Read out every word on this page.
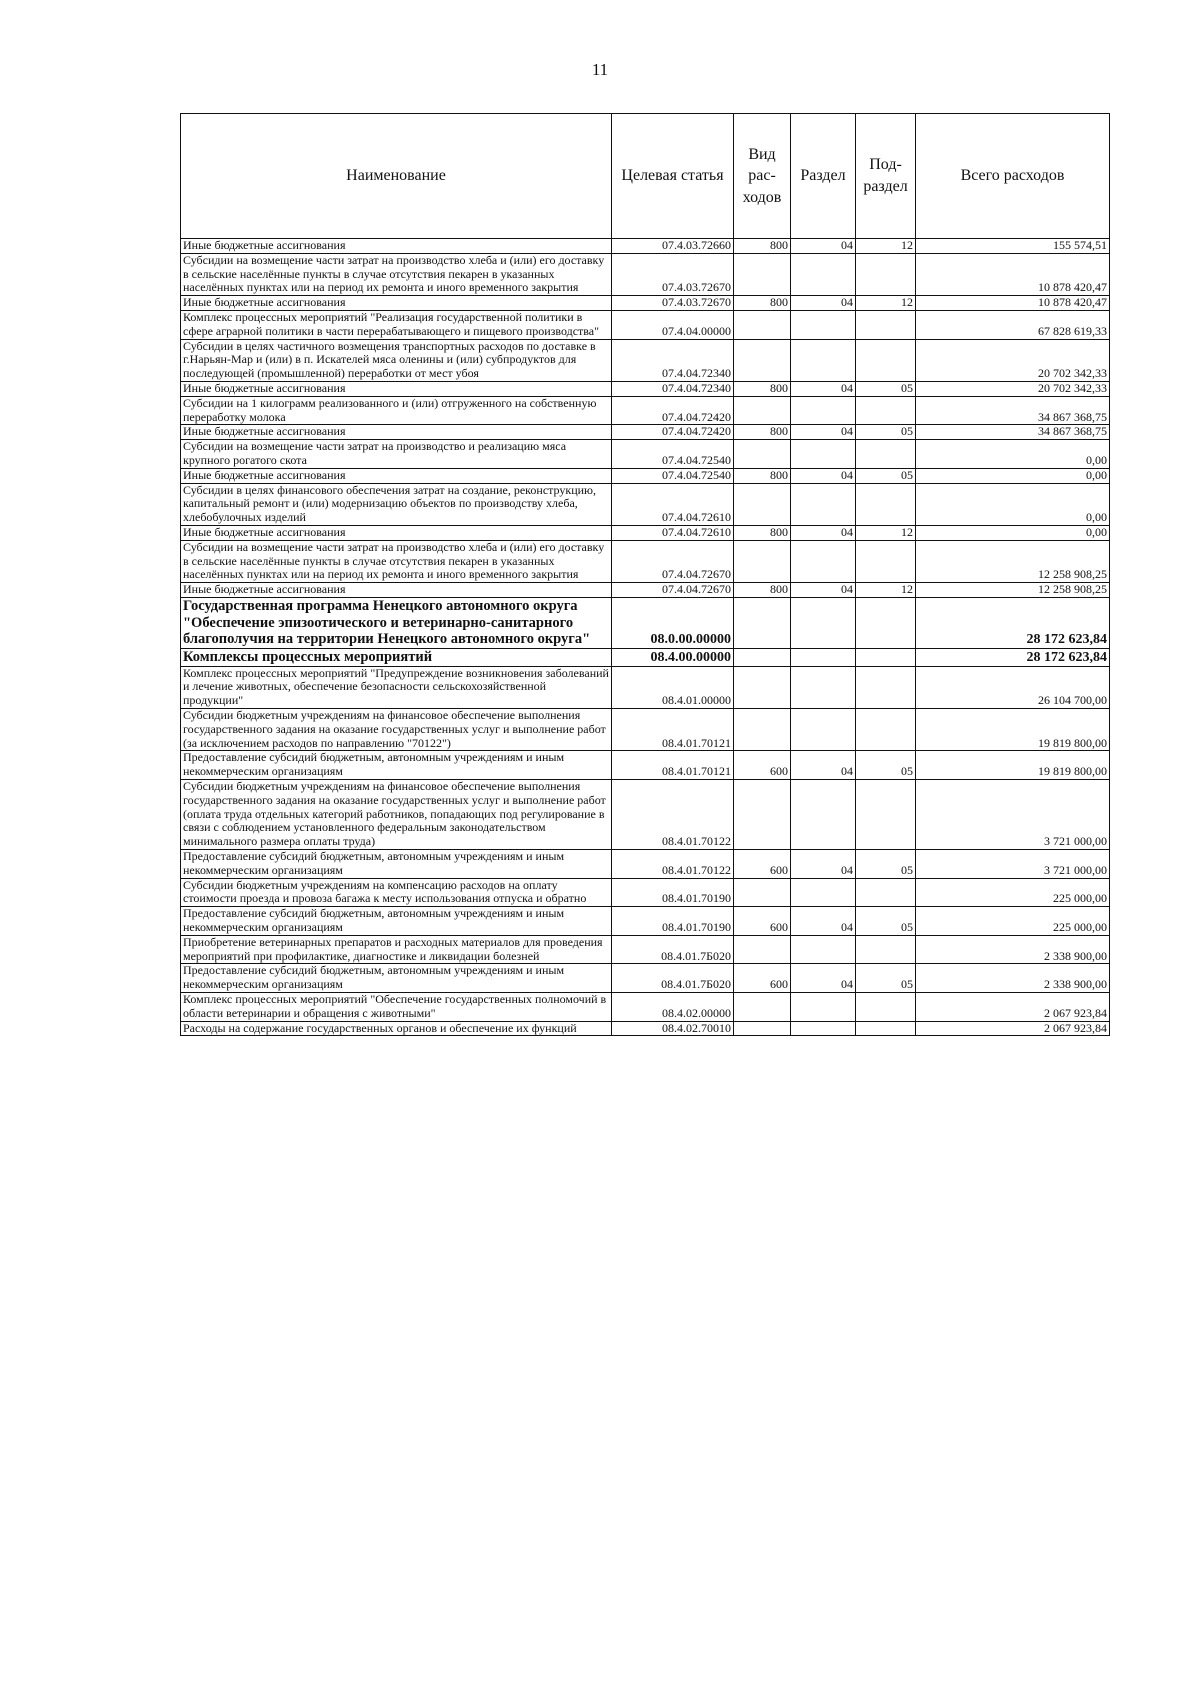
11
Наименование	Целевая статья	Вид рас-ходов	Раздел	Под-раздел	Всего расходов
Иные бюджетные ассигнования	07.4.03.72660	800	04	12	155 574,51
Субсидии на возмещение части затрат на производство хлеба и (или) его доставку в сельские населённые пункты в случае отсутствия пекарен в указанных населённых пунктах или на период их ремонта и иного временного закрытия	07.4.03.72670				10 878 420,47
Иные бюджетные ассигнования	07.4.03.72670	800	04	12	10 878 420,47
Комплекс процессных мероприятий "Реализация государственной политики в сфере аграрной политики в части перерабатывающего и пищевого производства"	07.4.04.00000				67 828 619,33
Субсидии в целях частичного возмещения транспортных расходов по доставке в г.Нарьян-Мар и (или) в п. Искателей мяса оленины и (или) субпродуктов для последующей (промышленной) переработки от мест убоя	07.4.04.72340				20 702 342,33
Иные бюджетные ассигнования	07.4.04.72340	800	04	05	20 702 342,33
Субсидии на 1 килограмм реализованного и (или) отгруженного на собственную переработку молока	07.4.04.72420				34 867 368,75
Иные бюджетные ассигнования	07.4.04.72420	800	04	05	34 867 368,75
Субсидии на возмещение части затрат на производство и реализацию мяса крупного рогатого скота	07.4.04.72540				0,00
Иные бюджетные ассигнования	07.4.04.72540	800	04	05	0,00
Субсидии в целях финансового обеспечения затрат на создание, реконструкцию, капитальный ремонт и (или) модернизацию объектов по производству хлеба, хлебобулочных изделий	07.4.04.72610				0,00
Иные бюджетные ассигнования	07.4.04.72610	800	04	12	0,00
Субсидии на возмещение части затрат на производство хлеба и (или) его доставку в сельские населённые пункты в случае отсутствия пекарен в указанных населённых пунктах или на период их ремонта и иного временного закрытия	07.4.04.72670				12 258 908,25
Иные бюджетные ассигнования	07.4.04.72670	800	04	12	12 258 908,25
Государственная программа Ненецкого автономного округа "Обеспечение эпизоотического и ветеринарно-санитарного благополучия на территории Ненецкого автономного округа"	08.0.00.00000				28 172 623,84
Комплексы процессных мероприятий	08.4.00.00000				28 172 623,84
Комплекс процессных мероприятий "Предупреждение возникновения заболеваний и лечение животных, обеспечение безопасности сельскохозяйственной продукции"	08.4.01.00000				26 104 700,00
Субсидии бюджетным учреждениям на финансовое обеспечение выполнения государственного задания на оказание государственных услуг и выполнение работ (за исключением расходов по направлению "70122")	08.4.01.70121				19 819 800,00
Предоставление субсидий бюджетным, автономным учреждениям и иным некоммерческим организациям	08.4.01.70121	600	04	05	19 819 800,00
Субсидии бюджетным учреждениям на финансовое обеспечение выполнения государственного задания на оказание государственных услуг и выполнение работ (оплата труда отдельных категорий работников, попадающих под регулирование в связи с соблюдением установленного федеральным законодательством минимального размера оплаты труда)	08.4.01.70122				3 721 000,00
Предоставление субсидий бюджетным, автономным учреждениям и иным некоммерческим организациям	08.4.01.70122	600	04	05	3 721 000,00
Субсидии бюджетным учреждениям на компенсацию расходов на оплату стоимости проезда и провоза багажа к месту использования отпуска и обратно	08.4.01.70190				225 000,00
Предоставление субсидий бюджетным, автономным учреждениям и иным некоммерческим организациям	08.4.01.70190	600	04	05	225 000,00
Приобретение ветеринарных препаратов и расходных материалов для проведения мероприятий при профилактике, диагностике и ликвидации болезней	08.4.01.7Б020				2 338 900,00
Предоставление субсидий бюджетным, автономным учреждениям и иным некоммерческим организациям	08.4.01.7Б020	600	04	05	2 338 900,00
Комплекс процессных мероприятий "Обеспечение государственных полномочий в области ветеринарии и обращения с животными"	08.4.02.00000				2 067 923,84
Расходы на содержание государственных органов и обеспечение их функций	08.4.02.70010				2 067 923,84
